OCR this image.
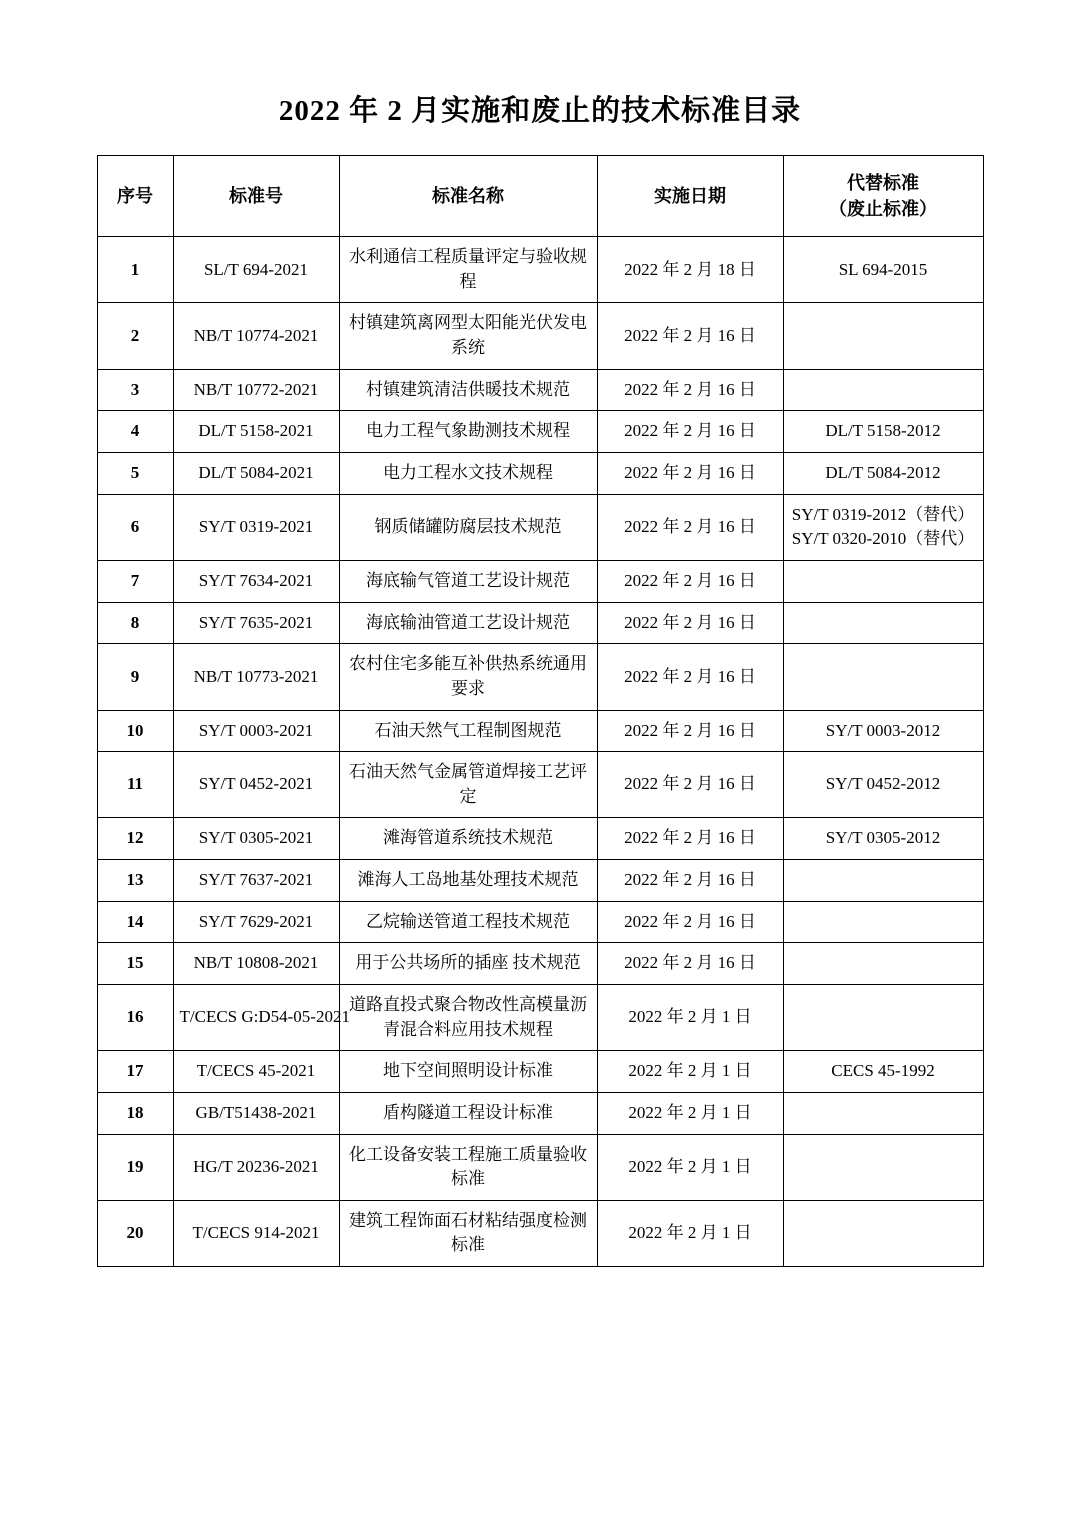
2022 年 2 月实施和废止的技术标准目录
序号	标准号	标准名称	实施日期	代替标准
（废止标准）

1	SL/T 694-2021	水利通信工程质量评定与验收规程	2022 年 2 月 18 日	SL 694-2015

2	NB/T 10774-2021	村镇建筑离网型太阳能光伏发电系统	2022 年 2 月 16 日	
3	NB/T 10772-2021	村镇建筑清洁供暖技术规范	2022 年 2 月 16 日	
4	DL/T 5158-2021	电力工程气象勘测技术规程	2022 年 2 月 16 日	DL/T 5158-2012

5	DL/T 5084-2021	电力工程水文技术规程	2022 年 2 月 16 日	DL/T 5084-2012

6	SY/T 0319-2021	钢质储罐防腐层技术规范	2022 年 2 月 16 日	SY/T 0319-2012（替代）
SY/T 0320-2010（替代）

7	SY/T 7634-2021	海底输气管道工艺设计规范	2022 年 2 月 16 日	
8	SY/T 7635-2021	海底输油管道工艺设计规范	2022 年 2 月 16 日	
9	NB/T 10773-2021	农村住宅多能互补供热系统通用要求	2022 年 2 月 16 日	
10	SY/T 0003-2021	石油天然气工程制图规范	2022 年 2 月 16 日	SY/T 0003-2012

11	SY/T 0452-2021	石油天然气金属管道焊接工艺评定	2022 年 2 月 16 日	SY/T 0452-2012

12	SY/T 0305-2021	滩海管道系统技术规范	2022 年 2 月 16 日	SY/T 0305-2012

13	SY/T 7637-2021	滩海人工岛地基处理技术规范	2022 年 2 月 16 日	
14	SY/T 7629-2021	乙烷输送管道工程技术规范	2022 年 2 月 16 日	
15	NB/T 10808-2021	用于公共场所的插座 技术规范	2022 年 2 月 16 日	
16	T/CECS G:D54-05-2021	道路直投式聚合物改性高模量沥青混合料应用技术规程	2022 年 2 月 1 日	
17	T/CECS 45-2021	地下空间照明设计标准	2022 年 2 月 1 日	CECS 45-1992

18	GB/T51438-2021	盾构隧道工程设计标准	2022 年 2 月 1 日	
19	HG/T 20236-2021	化工设备安装工程施工质量验收标准	2022 年 2 月 1 日	
20	T/CECS 914-2021	建筑工程饰面石材粘结强度检测标准	2022 年 2 月 1 日	
